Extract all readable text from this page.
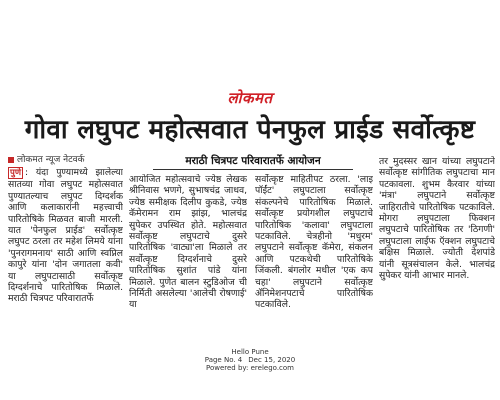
लोकमत
गोवा लघुपट महोत्सवात पेनफुल प्राईड सर्वोत्कृष्ट
लोकमत न्यूज नेटवर्क	मराठी चित्रपट परिवारातर्फे आयोजन
पुणे : यंदा पुण्यामध्ये झालेल्या सातव्या गोवा लघुपट महोत्सवात पुण्यातल्याच लघुपट दिग्दर्शक आणि कलाकारांनी महत्त्वाची पारितोषिके मिळवत बाजी मारली. यात 'पेनफुल प्राईड' सर्वोत्कृष्ट लघुपट ठरला तर महेश लिमये यांना 'पुनरागमनाय' साठी आणि स्वप्निल कापुरे यांना 'दोन जगातला कवी' या लघुपटासाठी सर्वोत्कृष्ट दिग्दर्शनाचे पारितोषिक मिळाले. मराठी चित्रपट परिवारातर्फे
आयोजित महोत्सवाचे ज्येष्ठ लेखक श्रीनिवास भणगे, सुभाषचंद्र जाधव, ज्येष्ठ समीक्षक दिलीप कुकडे, ज्येष्ठ कॅमेरामन राम झांझ, भालचंद्र सुपेकर उपस्थित होते. महोत्सवात सर्वोत्कृष्ट लघुपटाचे दुसरे पारितोषिक 'वाट्या'ला मिळाले तर सर्वोत्कृष्ट दिग्दर्शनाचे दुसरे पारितोषिक सुशांत पांडे यांना मिळाले. पुणेत बालन स्टुडिओज ची निर्मिती असलेल्या 'आलेची रोषणाई' या
सर्वोत्कृष्ट माहितीपट ठरला. 'लाइ पॉईंट' लघुपटाला सर्वोत्कृष्ट संकल्पनेचे पारितोषिक मिळाले. सर्वोत्कृष्ट प्रयोगशील लघुपटाचे पारितोषिक 'कलावा' लघुपटाला पटकाविले. चेत्रहीनो 'मधुरम' लघुपटाने सर्वोत्कृष्ट कॅमेरा, संकलन आणि पटकथेची पारितोषिके जिंकली. बंगलोर मधील 'एक कप चहा' लघुपटाने सर्वोत्कृष्ट ॲनिमेशनपटाचे पारितोषिक पटकाविले.
तर मुदस्सर खान यांच्या लघुपटाने सर्वोत्कृष्ट सांगीतिक लघुपटाचा मान पटकावला. शुभम कैरवार यांच्या 'मंत्रा' लघुपटाने सर्वोत्कृष्ट जाहिरातीचे पारितोषिक पटकाविले. मोगरा लघुपटाला फिक्शन लघुपटाचे पारितोषिक तर 'ठिगणी' लघुपटाला लाईफ ऍक्शन लघुपटाचे बक्षिस मिळाले. ज्योती देशपांडे यांनी सूत्रसंचालन केले. भालचंद्र सुपेकर यांनी आभार मानले.
Hello Pune
Page No. 4 Dec 15, 2020
Powered by: erelego.com
